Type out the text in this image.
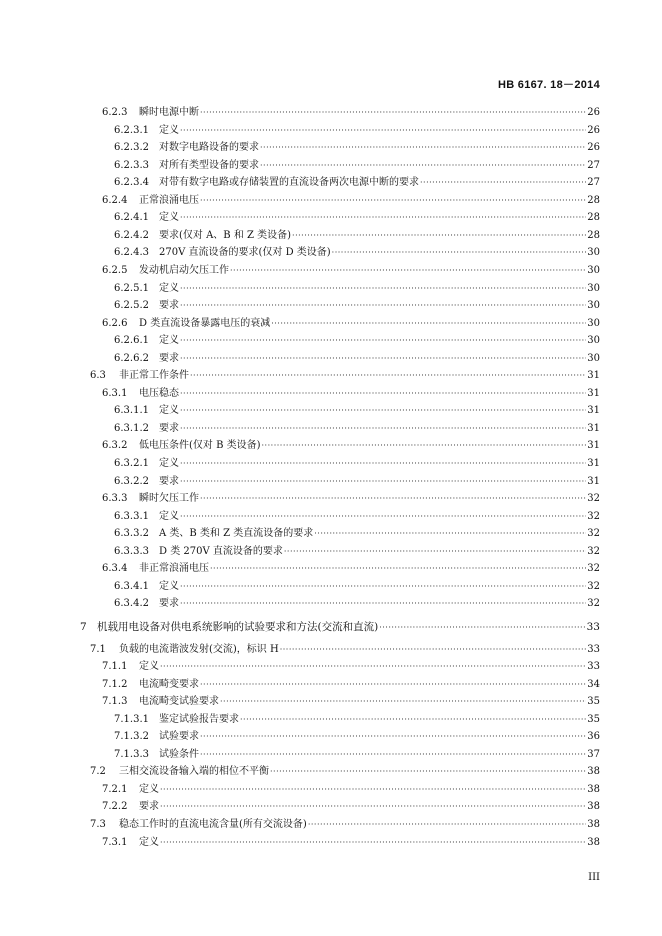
HB 6167. 18－2014
6.2.3	瞬时电源中断 ·····	26
6.2.3.1	定义 ·····	26
6.2.3.2	对数字电路设备的要求 ·····	26
6.2.3.3	对所有类型设备的要求 ·····	27
6.2.3.4	对带有数字电路或存储装置的直流设备两次电源中断的要求 ·····	27
6.2.4	正常浪涌电压 ·····	28
6.2.4.1	定义 ·····	28
6.2.4.2	要求(仅对 A、B 和 Z 类设备) ·····	28
6.2.4.3	270V 直流设备的要求(仅对 D 类设备) ·····	30
6.2.5	发动机启动欠压工作 ·····	30
6.2.5.1	定义 ·····	30
6.2.5.2	要求 ·····	30
6.2.6	D 类直流设备暴露电压的衰减 ·····	30
6.2.6.1	定义 ·····	30
6.2.6.2	要求 ·····	30
6.3	非正常工作条件 ·····	31
6.3.1	电压稳态 ·····	31
6.3.1.1	定义 ·····	31
6.3.1.2	要求 ·····	31
6.3.2	低电压条件(仅对 B 类设备) ·····	31
6.3.2.1	定义 ·····	31
6.3.2.2	要求 ·····	31
6.3.3	瞬时欠压工作 ·····	32
6.3.3.1	定义 ·····	32
6.3.3.2	A 类、B 类和 Z 类直流设备的要求 ·····	32
6.3.3.3	D 类 270V 直流设备的要求 ·····	32
6.3.4	非正常浪涌电压 ·····	32
6.3.4.1	定义 ·····	32
6.3.4.2	要求 ·····	32
7 机载用电设备对供电系统影响的试验要求和方法(交流和直流) ·····	33
7.1	负载的电流谐波发射(交流)，标识 H ·····	33
7.1.1	定义 ·····	33
7.1.2	电流畸变要求 ·····	34
7.1.3	电流畸变试验要求 ·····	35
7.1.3.1	鉴定试验报告要求 ·····	35
7.1.3.2	试验要求 ·····	36
7.1.3.3	试验条件 ·····	37
7.2	三相交流设备输入端的相位不平衡 ·····	38
7.2.1	定义 ·····	38
7.2.2	要求 ·····	38
7.3	稳态工作时的直流电流含量(所有交流设备) ·····	38
7.3.1	定义 ·····	38
III
